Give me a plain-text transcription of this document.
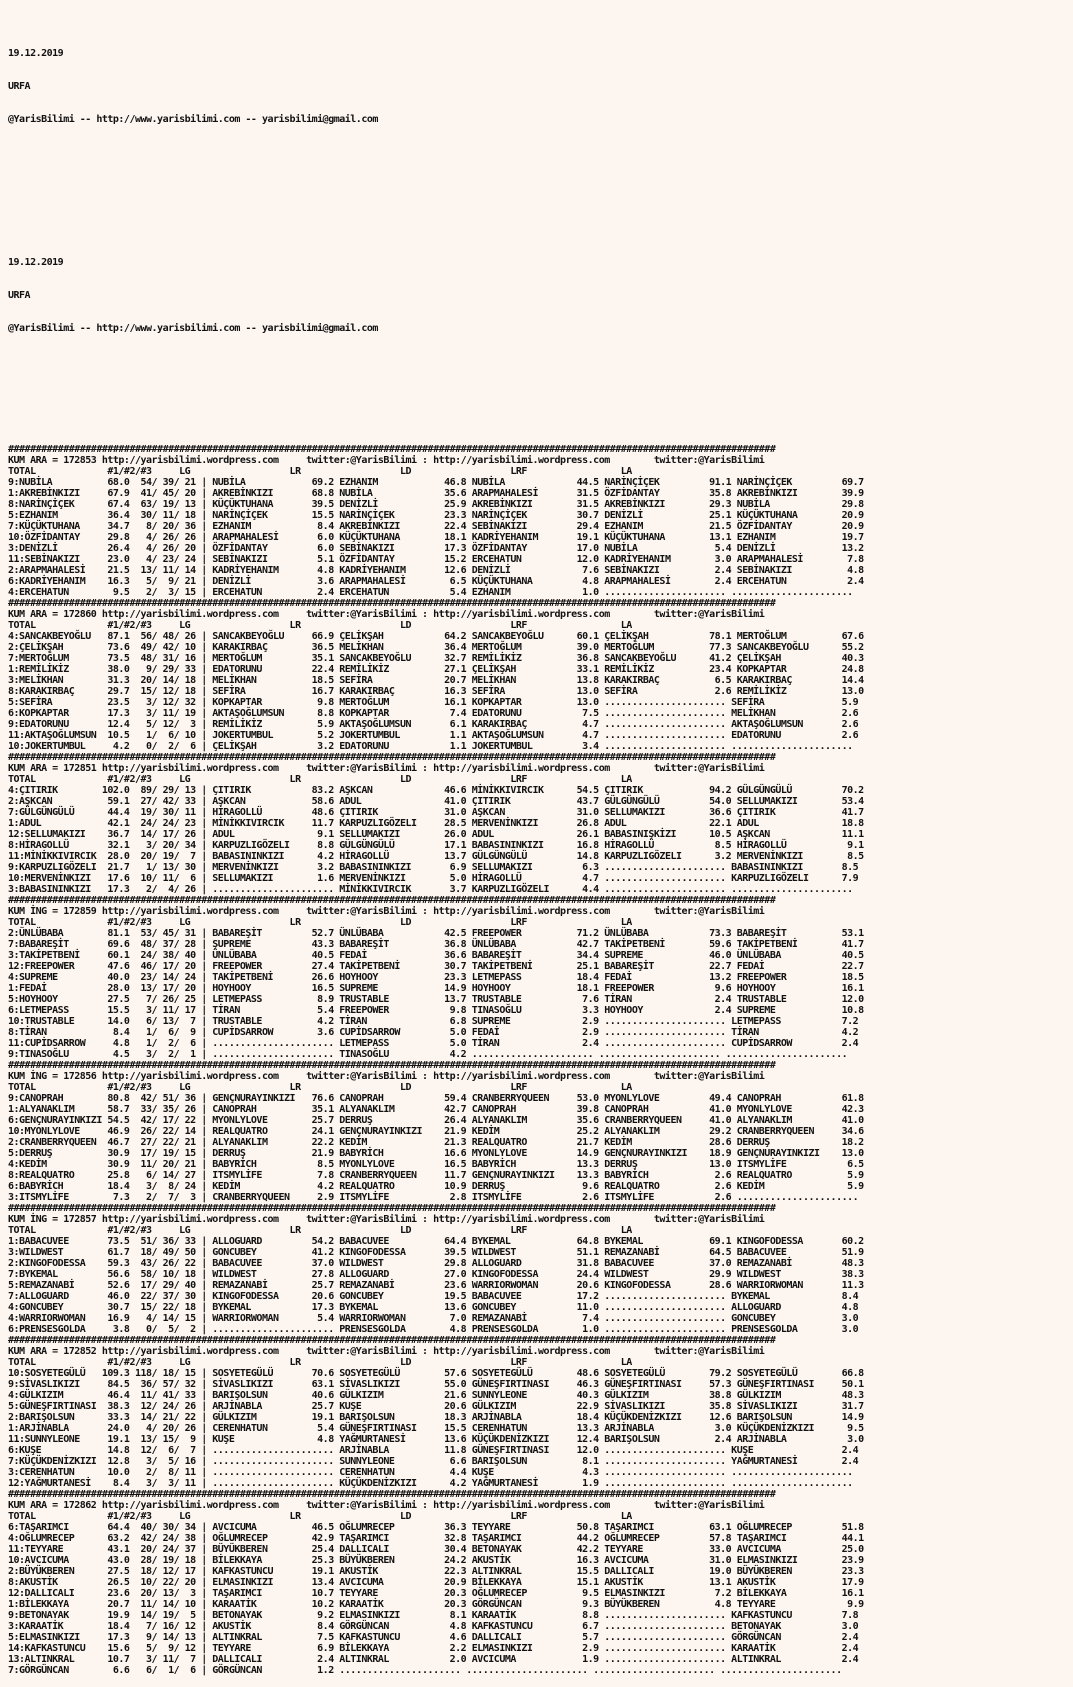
19.12.2019

URFA

@YarisBilimi -- http://www.yarisbilimi.com -- yarisbilimi@gmail.com

19.12.2019

URFA

@YarisBilimi -- http://www.yarisbilimi.com -- yarisbilimi@gmail.com

###########################################################################################################################################
KUM ARA = 172853 http://yarisbilimi.wordpress.com     twitter:@YarisBilimi : http://yarisbilimi.wordpress.com        twitter:@YarisBilimi
TOTAL             #1/#2/#3     LG                  LR                  LD                  LRF                 LA
9:NUBİLA          68.0  54/ 39/ 21 | NUBİLA            69.2 EZHANIM            46.8 NUBİLA             44.5 NARİNÇİÇEK         91.1 NARİNÇİÇEK         69.7
1:AKREBİNKIZI     67.9  41/ 45/ 20 | AKREBİNKIZI       68.8 NUBİLA             35.6 ARAPMAHALESİ       31.5 ÖZFİDANTAY         35.8 AKREBİNKIZI        39.9
8:NARİNÇİÇEK      67.4  63/ 19/ 13 | KÜÇÜKTUHANA       39.5 DENİZLİ            25.9 AKREBİNKIZI        31.5 AKREBİNKIZI        29.3 NUBİLA             29.8
5:EZHANIM         36.4  30/ 11/ 18 | NARİNÇİÇEK        15.5 NARİNÇİÇEK         23.3 NARİNÇİÇEK         30.7 DENİZLİ            25.1 KÜÇÜKTUHANA        20.9
7:KÜÇÜKTUHANA     34.7   8/ 20/ 36 | EZHANIM            8.4 AKREBİNKIZI        22.4 SEBİNAKİZI         29.4 EZHANIM            21.5 ÖZFİDANTAY         20.9
10:ÖZFİDANTAY     29.8   4/ 26/ 26 | ARAPMAHALESİ       6.0 KÜÇÜKTUHANA        18.1 KADRİYEHANIM       19.1 KÜÇÜKTUHANA        13.1 EZHANIM            19.7
3:DENİZLİ         26.4   4/ 26/ 20 | ÖZFİDANTAY         6.0 SEBİNAKIZI         17.3 ÖZFİDANTAY         17.0 NUBİLA              5.4 DENİZLİ            13.2
11:SEBİNAKIZI     23.0   4/ 23/ 24 | SEBİNAKIZI         5.1 ÖZFİDANTAY         15.2 ERCEHATUN          12.0 KADRİYEHANIM        3.0 ARAPMAHALESİ        7.8
2:ARAPMAHALESİ    21.5  13/ 11/ 14 | KADRİYEHANIM       4.8 KADRİYEHANIM       12.6 DENİZLİ             7.6 SEBİNAKIZI          2.4 SEBİNAKIZI          4.8
6:KADRİYEHANIM    16.3   5/  9/ 21 | DENİZLİ            3.6 ARAPMAHALESİ        6.5 KÜÇÜKTUHANA         4.8 ARAPMAHALESİ        2.4 ERCEHATUN           2.4
4:ERCEHATUN        9.5   2/  3/ 15 | ERCEHATUN          2.4 ERCEHATUN           5.4 EZHANIM             1.0 ...................... ......................
###########################################################################################################################################
KUM ARA = 172860 http://yarisbilimi.wordpress.com     twitter:@YarisBilimi : http://yarisbilimi.wordpress.com        twitter:@YarisBilimi
TOTAL             #1/#2/#3     LG                  LR                  LD                  LRF                 LA
4:SANCAKBEYOĞLU   87.1  56/ 48/ 26 | SANCAKBEYOĞLU     66.9 ÇELİKŞAH           64.2 SANCAKBEYOĞLU      60.1 ÇELİKŞAH           78.1 MERTOĞLUM          67.6
2:ÇELİKŞAH        73.6  49/ 42/ 10 | KARAKIRBAÇ        36.5 MELİKHAN           36.4 MERTOĞLUM          39.0 MERTOĞLUM          77.3 SANCAKBEYOĞLU      55.2
7:MERTOĞLUM       73.5  48/ 31/ 16 | MERTOĞLUM         35.1 SANCAKBEYOĞLU      32.7 REMİLİKİZ          36.8 SANCAKBEYOĞLU      41.2 ÇELİKŞAH           40.3
1:REMİLİKİZ       38.0   9/ 29/ 33 | EDATORUNU         22.4 REMİLİKİZ          27.1 ÇELİKŞAH           33.1 REMİLİKİZ          23.4 KOPKAPTAR          24.8
3:MELİKHAN        31.3  20/ 14/ 18 | MELİKHAN          18.5 SEFİRA             20.7 MELİKHAN           13.8 KARAKIRBAÇ          6.5 KARAKIRBAÇ         14.4
8:KARAKIRBAÇ      29.7  15/ 12/ 18 | SEFİRA            16.7 KARAKIRBAÇ         16.3 SEFİRA             13.0 SEFİRA              2.6 REMİLİKİZ          13.0
5:SEFİRA          23.5   3/ 12/ 32 | KOPKAPTAR          9.8 MERTOĞLUM          16.1 KOPKAPTAR          13.0 ...................... SEFİRA              5.9
6:KOPKAPTAR       17.3   3/ 11/ 19 | AKTAŞOĞLUMSUN      8.8 KOPKAPTAR           7.4 EDATORUNU           7.5 ...................... MELİKHAN            2.6
9:EDATORUNU       12.4   5/ 12/  3 | REMİLİKİZ          5.9 AKTAŞOĞLUMSUN       6.1 KARAKIRBAÇ          4.7 ...................... AKTAŞOĞLUMSUN       2.6
11:AKTAŞOĞLUMSUN  10.5   1/  6/ 10 | JOKERTUMBUL        5.2 JOKERTUMBUL         1.1 AKTAŞOĞLUMSUN       4.7 ...................... EDATORUNU           2.6
10:JOKERTUMBUL     4.2   0/  2/  6 | ÇELİKŞAH           3.2 EDATORUNU           1.1 JOKERTUMBUL         3.4 ...................... ......................
###########################################################################################################################################
KUM ARA = 172851 http://yarisbilimi.wordpress.com     twitter:@YarisBilimi : http://yarisbilimi.wordpress.com        twitter:@YarisBilimi
TOTAL             #1/#2/#3     LG                  LR                  LD                  LRF                 LA
4:ÇITIRIK        102.0  89/ 29/ 13 | ÇITIRIK           83.2 AŞKCAN             46.6 MİNİKKIVIRCIK      54.5 ÇITIRIK            94.2 GÜLGÜNGÜLÜ         70.2
2:AŞKCAN          59.1  27/ 42/ 33 | AŞKCAN            58.6 ADUL               41.0 ÇITIRIK            43.7 GÜLGÜNGÜLÜ         54.0 SELLUMAKIZI        53.4
7:GÜLGÜNGÜLÜ      44.4  19/ 30/ 11 | HİRAGOLLÜ         48.6 ÇITIRIK            31.0 AŞKCAN             31.0 SELLUMAKIZI        36.6 ÇITIRIK            41.7
1:ADUL            42.1  24/ 24/ 23 | MİNİKKIVIRCIK     11.7 KARPUZLIGÖZELI     28.5 MERVENİNKIZI       26.8 ADUL               22.1 ADUL               18.8
12:SELLUMAKIZI    36.7  14/ 17/ 26 | ADUL               9.1 SELLUMAKIZI        26.0 ADUL               26.1 BABASINIŞKİZI      10.5 AŞKCAN             11.1
8:HİRAGOLLÜ       32.1   3/ 20/ 34 | KARPUZLIGÖZELI     8.8 GÜLGÜNGÜLÜ         17.1 BABASININKIZI      16.8 HİRAGOLLÜ           8.5 HİRAGOLLÜ           9.1
11:MİNİKKIVIRCIK  28.0  20/ 19/  7 | BABASININKIZI      4.2 HİRAGOLLÜ          13.7 GÜLGÜNGÜLÜ         14.8 KARPUZLIGÖZELI      3.2 MERVENİNKIZI        8.5
9:KARPUZLIGÖZELI  21.7   1/ 13/ 30 | MERVENİNKIZI       3.2 BABASININKIZI       6.9 SELLUMAKIZI         6.3 ...................... BABASININKIZI       8.5
10:MERVENİNKIZI   17.6  10/ 11/  6 | SELLUMAKIZI        1.6 MERVENİNKIZI        5.0 HİRAGOLLÜ           4.7 ...................... KARPUZLIGÖZELI      7.9
3:BABASININKIZI   17.3   2/  4/ 26 | ...................... MİNİKKIVIRCIK       3.7 KARPUZLIGÖZELI      4.4 ...................... ......................
###########################################################################################################################################
KUM İNG = 172859 http://yarisbilimi.wordpress.com     twitter:@YarisBilimi : http://yarisbilimi.wordpress.com        twitter:@YarisBilimi
TOTAL             #1/#2/#3     LG                  LR                  LD                  LRF                 LA
2:ÜNLÜBABA        81.1  53/ 45/ 31 | BABAREŞİT         52.7 ÜNLÜBABA           42.5 FREEPOWER          71.2 ÜNLÜBABA           73.3 BABAREŞİT          53.1
7:BABAREŞİT       69.6  48/ 37/ 28 | ŞUPREME           43.3 BABAREŞİT          36.8 ÜNLÜBABA           42.7 TAKİPETBENİ        59.6 TAKİPETBENİ        41.7
3:TAKİPETBENİ     60.1  24/ 38/ 40 | ÜNLÜBABA          40.5 FEDAİ              36.6 BABAREŞİT          34.4 SUPREME            46.0 ÜNLÜBABA           40.5
12:FREEPOWER      47.6  46/ 17/ 20 | FREEPOWER         27.4 TAKİPETBENİ        30.7 TAKİPETBENİ        25.1 BABAREŞİT          22.7 FEDAİ              22.7
4:SUPREME         40.0  23/ 14/ 24 | TAKİPETBENİ       26.6 HOYHOOY            23.3 LETMEPASS          18.4 FEDAİ              13.2 FREEPOWER          18.5
1:FEDAİ           28.0  13/ 17/ 20 | HOYHOOY           16.5 SUPREME            14.9 HOYHOOY            18.1 FREEPOWER           9.6 HOYHOOY            16.1
5:HOYHOOY         27.5   7/ 26/ 25 | LETMEPASS          8.9 TRUSTABLE          13.7 TRUSTABLE           7.6 TİRAN               2.4 TRUSTABLE          12.0
6:LETMEPASS       15.5   3/ 11/ 17 | TİRAN              5.4 FREEPOWER           9.8 TINASOĞLU           3.3 HOYHOOY             2.4 SUPREME            10.8
10:TRUSTABLE      14.0   6/ 13/  7 | TRUSTABLE          4.2 TİRAN               6.8 SUPREME             2.9 ...................... LETMEPASS           7.2
8:TİRAN            8.4   1/  6/  9 | CUPİDSARROW        3.6 CUPİDSARROW         5.0 FEDAİ               2.9 ...................... TİRAN               4.2
11:CUPİDSARROW     4.8   1/  2/  6 | ...................... LETMEPASS           5.0 TİRAN               2.4 ...................... CUPİDSARROW         2.4
9:TINASOĞLU        4.5   3/  2/  1 | ...................... TINASOĞLU           4.2 ...................... ...................... ......................
###########################################################################################################################################
KUM İNG = 172856 http://yarisbilimi.wordpress.com     twitter:@YarisBilimi : http://yarisbilimi.wordpress.com        twitter:@YarisBilimi
TOTAL             #1/#2/#3     LG                  LR                  LD                  LRF                 LA
9:CANOPRAH        80.8  42/ 51/ 36 | GENÇNURAYINKIZI   76.6 CANOPRAH           59.4 CRANBERRYQUEEN     53.0 MYONLYLOVE         49.4 CANOPRAH           61.8
1:ALYANAKLIM      58.7  33/ 35/ 26 | CANOPRAH          35.1 ALYANAKLIM         42.7 CANOPRAH           39.8 CANOPRAH           41.0 MYONLYLOVE         42.3
6:GENÇNURAYINKIZI 54.5  42/ 17/ 22 | MYONLYLOVE        25.7 DERRUŞ             26.4 ALYANAKLIM         35.6 CRANBERRYQUEEN     41.0 ALYANAKLIM         41.0
10:MYONLYLOVE     46.9  26/ 22/ 14 | REALQUATRO        24.1 GENÇNURAYINKIZI    21.9 KEDİM              25.2 ALYANAKLIM         29.2 CRANBERRYQUEEN     34.6
2:CRANBERRYQUEEN  46.7  27/ 22/ 21 | ALYANAKLIM        22.2 KEDİM              21.3 REALQUATRO         21.7 KEDİM              28.6 DERRUŞ             18.2
5:DERRUŞ          30.9  17/ 19/ 15 | DERRUŞ            21.9 BABYRİCH           16.6 MYONLYLOVE         14.9 GENÇNURAYINKIZI    18.9 GENÇNURAYINKIZI    13.0
4:KEDİM           30.9  11/ 20/ 21 | BABYRİCH           8.5 MYONLYLOVE         16.5 BABYRİCH           13.3 DERRUŞ             13.0 ITSMYLİFE           6.5
8:REALQUATRO      25.8   6/ 14/ 27 | ITSMYLİFE          7.8 CRANBERRYQUEEN     11.7 GENÇNURAYINKIZI    13.3 BABYRİCH            2.6 REALQUATRO          5.9
6:BABYRİCH        18.4   3/  8/ 24 | KEDİM              4.2 REALQUATRO         10.9 DERRUŞ              9.6 REALQUATRO          2.6 KEDİM               5.9
3:ITSMYLİFE        7.3   2/  7/  3 | CRANBERRYQUEEN     2.9 ITSMYLİFE           2.8 ITSMYLİFE           2.6 ITSMYLİFE           2.6 ......................
###########################################################################################################################################
KUM İNG = 172857 http://yarisbilimi.wordpress.com     twitter:@YarisBilimi : http://yarisbilimi.wordpress.com        twitter:@YarisBilimi
TOTAL             #1/#2/#3     LG                  LR                  LD                  LRF                 LA
1:BABACUVEE       73.5  51/ 36/ 33 | ALLOGUARD         54.2 BABACUVEE          64.4 BYKEMAL            64.8 BYKEMAL            69.1 KINGOFODESSA       60.2
3:WILDWEST        61.7  18/ 49/ 50 | GONCUBEY          41.2 KINGOFODESSA       39.5 WILDWEST           51.1 REMAZANABİ         64.5 BABACUVEE          51.9
2:KINGOFODESSA    59.3  43/ 26/ 22 | BABACUVEE         37.0 WILDWEST           29.8 ALLOGUARD          31.8 BABACUVEE          37.0 REMAZANABİ         48.3
7:BYKEMAL         56.6  58/ 10/ 18 | WILDWEST          27.8 ALLOGUARD          27.0 KINGOFODESSA       24.4 WILDWEST           29.9 WILDWEST           38.3
5:REMAZANABİ      52.6  17/ 29/ 40 | REMAZANABİ        25.7 REMAZANABİ         23.6 WARRIORWOMAN       20.6 KINGOFODESSA       28.6 WARRIORWOMAN       11.3
7:ALLOGUARD       46.0  22/ 37/ 30 | KINGOFODESSA      20.6 GONCUBEY           19.5 BABACUVEE          17.2 ...................... BYKEMAL             8.4
4:GONCUBEY        30.7  15/ 22/ 18 | BYKEMAL           17.3 BYKEMAL            13.6 GONCUBEY           11.0 ...................... ALLOGUARD           4.8
4:WARRIORWOMAN    16.9   4/ 14/ 15 | WARRIORWOMAN       5.4 WARRIORWOMAN        7.0 REMAZANABİ          7.4 ...................... GONCUBEY            3.0
6:PRENSESGOLDA     3.8   0/  5/  2 | ...................... PRENSESGOLDA        4.8 PRENSESGOLDA        1.0 ...................... PRENSESGOLDA        3.0
###########################################################################################################################################
KUM ARA = 172852 http://yarisbilimi.wordpress.com     twitter:@YarisBilimi : http://yarisbilimi.wordpress.com        twitter:@YarisBilimi
TOTAL             #1/#2/#3     LG                  LR                  LD                  LRF                 LA
10:SOSYETEGÜLÜ   109.3 118/ 18/ 15 | SOSYETEGÜLÜ       70.6 SOSYETEGÜLÜ        57.6 SOSYETEGÜLÜ        48.6 SOSYETEGÜLÜ        79.2 SOSYETEGÜLÜ        66.8
9:SİVASLIKIZI     84.5  36/ 57/ 32 | SİVASLIKIZI       63.1 SİVASLIKIZI        55.0 GÜNEŞFIRTINASI     46.3 GÜNEŞFIRTINASI     57.3 GÜNEŞFIRTINASI     50.1
4:GÜLKIZIM        46.4  11/ 41/ 33 | BARIŞOLSUN        40.6 GÜLKIZIM           21.6 SUNNYLEONE         40.3 GÜLKIZIM           38.8 GÜLKIZIM           48.3
5:GÜNEŞFIRTINASI  38.3  12/ 24/ 26 | ARJİNABLA         25.7 KUŞE               20.6 GÜLKIZIM           22.9 SİVASLIKIZI        35.8 SİVASLIKIZI        31.7
2:BARIŞOLSUN      33.3  14/ 21/ 22 | GÜLKIZIM          19.1 BARIŞOLSUN         18.3 ARJİNABLA          18.4 KÜÇÜKDENİZKIZI     12.6 BARIŞOLSUN         14.9
1:ARJİNABLA       24.0   4/ 20/ 26 | CERENHATUN         5.4 GÜNEŞFIRTINASI     15.5 CERENHATUN         13.3 ARJİNABLA           3.0 KÜÇÜKDENİZKIZI      9.5
11:SUNNYLEONE     19.1  13/ 15/  9 | KUŞE               4.8 YAĞMURTANESİ       13.6 KÜÇÜKDENİZKIZI     12.4 BARIŞOLSUN          2.4 ARJİNABLA           3.0
6:KUŞE            14.8  12/  6/  7 | ...................... ARJİNABLA          11.8 GÜNEŞFIRTINASI     12.0 ...................... KUŞE                2.4
7:KÜÇÜKDENİZKIZI  12.8   3/  5/ 16 | ...................... SUNNYLEONE          6.6 BARIŞOLSUN          8.1 ...................... YAĞMURTANESİ        2.4
3:CERENHATUN      10.0   2/  8/ 11 | ...................... CERENHATUN          4.4 KUŞE                4.3 ...................... ......................
12:YAĞMURTANESİ    8.4   3/  3/ 11 | ...................... KÜÇÜKDENİZKIZI      4.2 YAĞMURTANESİ        1.9 ...................... ......................
###########################################################################################################################################
KUM ARA = 172862 http://yarisbilimi.wordpress.com     twitter:@YarisBilimi : http://yarisbilimi.wordpress.com        twitter:@YarisBilimi
TOTAL             #1/#2/#3     LG                  LR                  LD                  LRF                 LA
6:TAŞARIMCI       64.4  40/ 30/ 34 | AVCICUMA          46.5 OĞLUMRECEP         36.3 TEYYARE            50.8 TAŞARIMCI          63.1 OĞLUMRECEP         51.8
4:OĞLUMRECEP      63.2  42/ 24/ 38 | OĞLUMRECEP        42.9 TAŞARIMCI          32.8 TAŞARIMCI          44.2 OĞLUMRECEP         57.8 TAŞARIMCI          44.1
11:TEYYARE        43.1  20/ 24/ 37 | BÜYÜKBEREN        25.4 DALLICALI          30.4 BETONAYAK          42.2 TEYYARE            33.0 AVCICUMA           25.0
10:AVCICUMA       43.0  28/ 19/ 18 | BİLEKKAYA         25.3 BÜYÜKBEREN         24.2 AKUSTİK            16.3 AVCICUMA           31.0 ELMASINKIZI        23.9
2:BÜYÜKBEREN      27.5  18/ 12/ 17 | KAFKASTUNCU       19.1 AKUSTİK            22.3 ALTINKRAL          15.5 DALLICALI          19.0 BÜYÜKBEREN         23.3
8:AKUSTİK         26.5  10/ 22/ 20 | ELMASINKIZI       13.4 AVCICUMA           20.9 BİLEKKAYA          15.1 AKUSTİK            13.1 AKUSTİK            17.9
12:DALLICALI      23.6  20/ 13/  3 | TAŞARIMCI         10.7 TEYYARE            20.3 OĞLUMRECEP          9.5 ELMASINKIZI         7.2 BİLEKKAYA          16.1
1:BİLEKKAYA       20.7  11/ 14/ 10 | KARAATİK          10.2 KARAATİK           20.3 GÖRGÜNCAN           9.3 BÜYÜKBEREN          4.8 TEYYARE             9.9
9:BETONAYAK       19.9  14/ 19/  5 | BETONAYAK          9.2 ELMASINKIZI         8.1 KARAATİK            8.8 ...................... KAFKASTUNCU         7.8
3:KARAATİK        18.4   7/ 16/ 12 | AKUSTİK            8.4 GÖRGÜNCAN           4.8 KAFKASTUNCU         6.7 ...................... BETONAYAK           3.0
5:ELMASINKIZI     17.3   9/ 14/ 13 | ALTINKRAL          7.5 KAFKASTUNCU         4.6 DALLICALI           5.7 ...................... GÖRGÜNCAN           2.4
14:KAFKASTUNCU    15.6   5/  9/ 12 | TEYYARE            6.9 BİLEKKAYA           2.2 ELMASINKIZI         2.9 ...................... KARAATİK            2.4
13:ALTINKRAL      10.7   3/ 11/  7 | DALLICALI          2.4 ALTINKRAL           2.0 AVCICUMA            1.9 ...................... ALTINKRAL           2.4
7:GÖRGÜNCAN        6.6   6/  1/  6 | GÖRGÜNCAN          1.2 ...................... ...................... ...................... ......................
